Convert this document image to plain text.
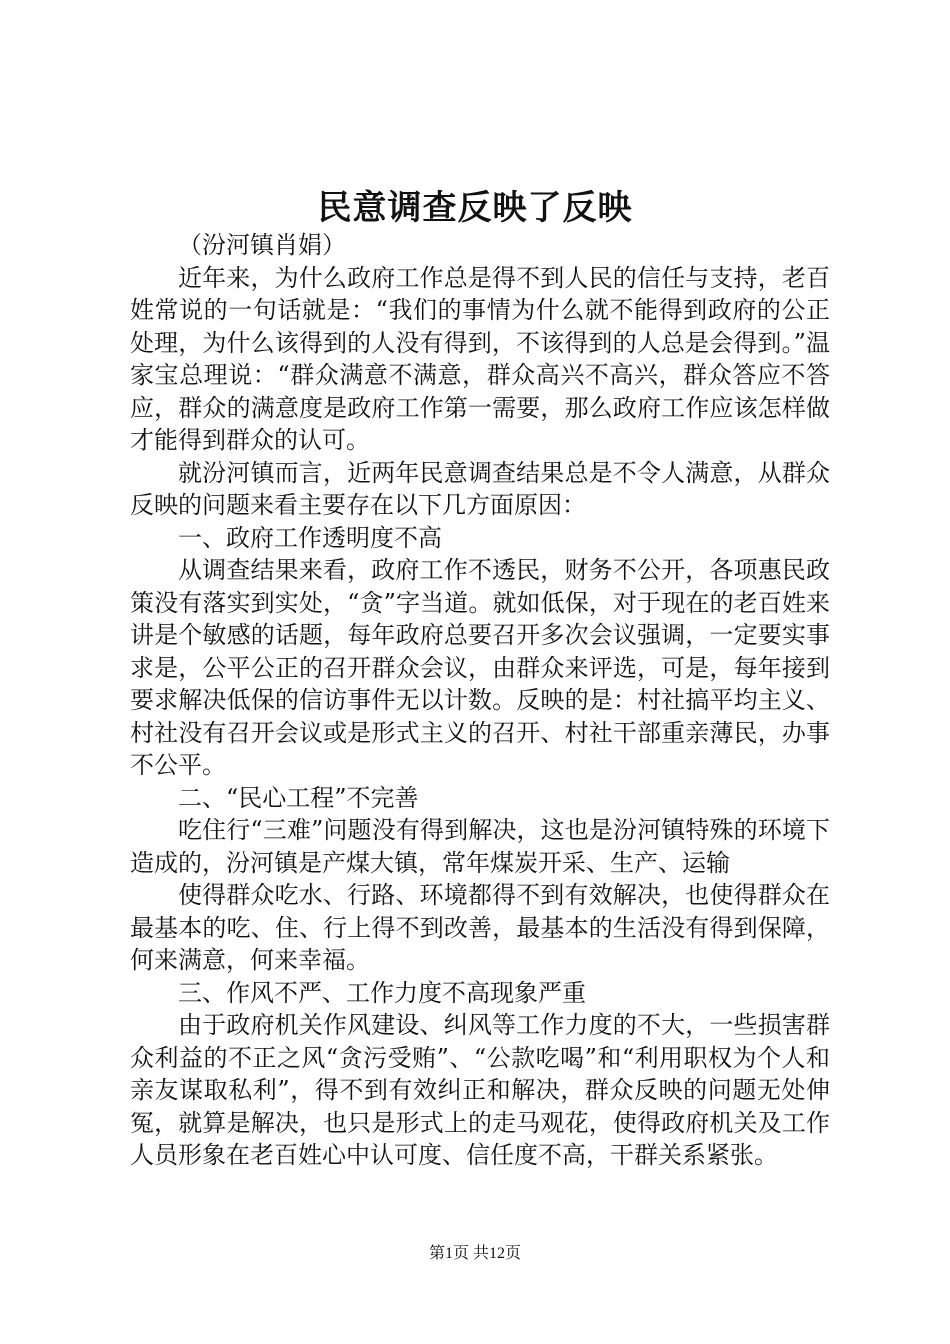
民意调查反映了反映

（汾河镇肖娟）

近年来，为什么政府工作总是得不到人民的信任与支持，老百姓常说的一句话就是：“我们的事情为什么就不能得到政府的公正处理，为什么该得到的人没有得到，不该得到的人总是会得到。”温家宝总理说：“群众满意不满意，群众高兴不高兴，群众答应不答应，群众的满意度是政府工作第一需要，那么政府工作应该怎样做才能得到群众的认可。

就汾河镇而言，近两年民意调查结果总是不令人满意，从群众反映的问题来看主要存在以下几方面原因：

一、政府工作透明度不高

从调查结果来看，政府工作不透民，财务不公开，各项惠民政策没有落实到实处，“贪”字当道。就如低保，对于现在的老百姓来讲是个敏感的话题，每年政府总要召开多次会议强调，一定要实事求是，公平公正的召开群众会议，由群众来评选，可是，每年接到要求解决低保的信访事件无以计数。反映的是：村社搞平均主义、村社没有召开会议或是形式主义的召开、村社干部重亲薄民，办事不公平。

二、“民心工程”不完善

吃住行“三难”问题没有得到解决，这也是汾河镇特殊的环境下造成的，汾河镇是产煤大镇，常年煤炭开采、生产、运输

使得群众吃水、行路、环境都得不到有效解决，也使得群众在最基本的吃、住、行上得不到改善，最基本的生活没有得到保障，何来满意，何来幸福。

三、作风不严、工作力度不高现象严重

由于政府机关作风建设、纠风等工作力度的不大，一些损害群众利益的不正之风“贪污受贿”、“公款吃喝”和“利用职权为个人和亲友谋取私利”，得不到有效纠正和解决，群众反映的问题无处伸冤，就算是解决，也只是形式上的走马观花，使得政府机关及工作人员形象在老百姓心中认可度、信任度不高，干群关系紧张。

第1页 共12页
